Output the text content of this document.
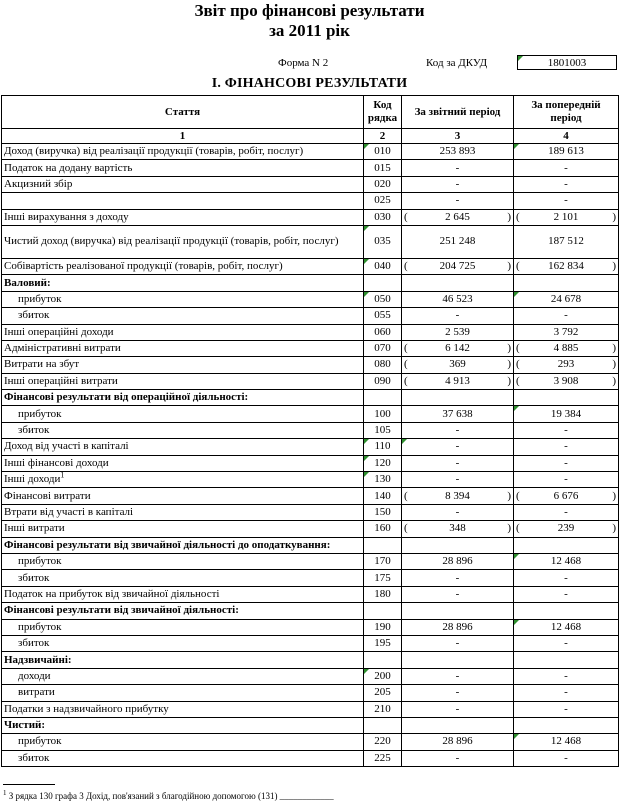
Звіт про фінансові результати
за 2011 рік
Форма N 2	Код за ДКУД	1801003
І. ФІНАНСОВІ РЕЗУЛЬТАТИ
Стаття	Код рядка	За звітний період	За попередній період
1	2	3	4
Доход (виручка) від реалізації продукції (товарів, робіт, послуг)	010	253 893	189 613
Податок на додану вартість	015	-	-
Акцизний збір	020	-	-
	025	-	-
Інші вирахування з доходу	030	( 2 645 )	( 2 101 )

Чистий доход (виручка) від реалізації продукції (товарів, робіт, послуг)	035	251 248	187 512
Собівартість реалізованої продукції (товарів, робіт, послуг)	040	( 204 725 )	( 162 834 )

Валовий:			
прибуток	050	46 523	24 678
збиток	055	-	-
Інші операційні доходи	060	2 539	3 792
Адміністративні витрати	070	( 6 142 )	( 4 885 )

Витрати на збут	080	( 369 )	( 293 )

Інші операційні витрати	090	( 4 913 )	( 3 908 )

Фінансові результати від операційної діяльності:			
прибуток	100	37 638	19 384
збиток	105	-	-
Доход від участі в капіталі	110	-	-
Інші фінансові доходи	120	-	-
Інші доходи$^1$	130	-	-
Фінансові витрати	140	( 8 394 )	( 6 676 )

Втрати від участі в капіталі	150	-	-
Інші витрати	160	( 348 )	( 239 )

Фінансові результати від звичайної діяльності до оподаткування:			
прибуток	170	28 896	12 468
збиток	175	-	-
Податок на прибуток від звичайної діяльності	180	-	-
Фінансові результати від звичайної діяльності:			
прибуток	190	28 896	12 468
збиток	195	-	-
Надзвичайні:			
доходи	200	-	-
витрати	205	-	-
Податки з надзвичайного прибутку	210	-	-
Чистий:			
прибуток	220	28 896	12 468
збиток	225	-	-
$^1$ З рядка 130 графа 3 Дохід, пов'язаний з благодійною допомогою (131) ____________
